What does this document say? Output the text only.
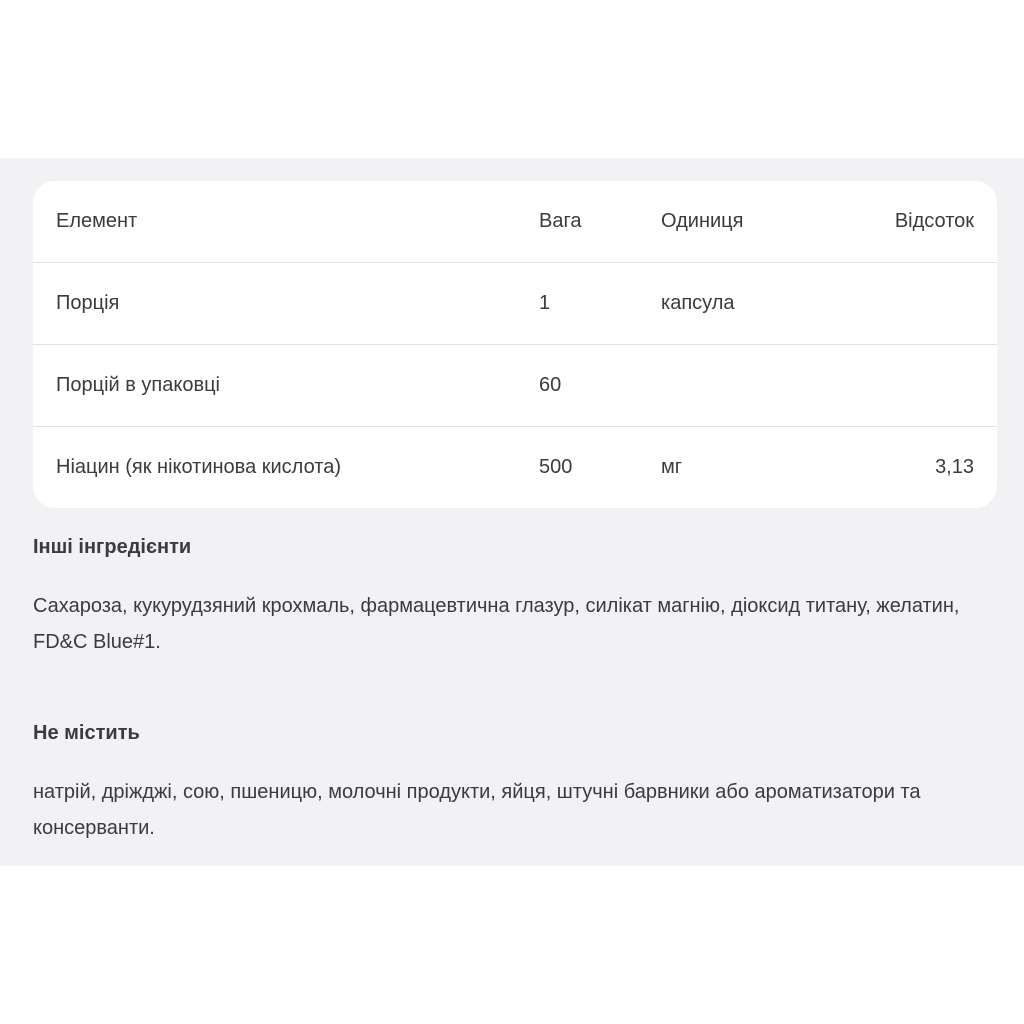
Елемент	Вага	Одиниця	Відсоток
Порція	1	капсула
Порцій в упаковці	60
Ніацин (як нікотинова кислота)	500	мг	3,13
Інші інгредієнти

Сахароза, кукурудзяний крохмаль, фармацевтична глазур, силікат магнію, діоксид титану, желатин, FD&C Blue#1.

Не містить

натрій, дріжджі, сою, пшеницю, молочні продукти, яйця, штучні барвники або ароматизатори та консерванти.
